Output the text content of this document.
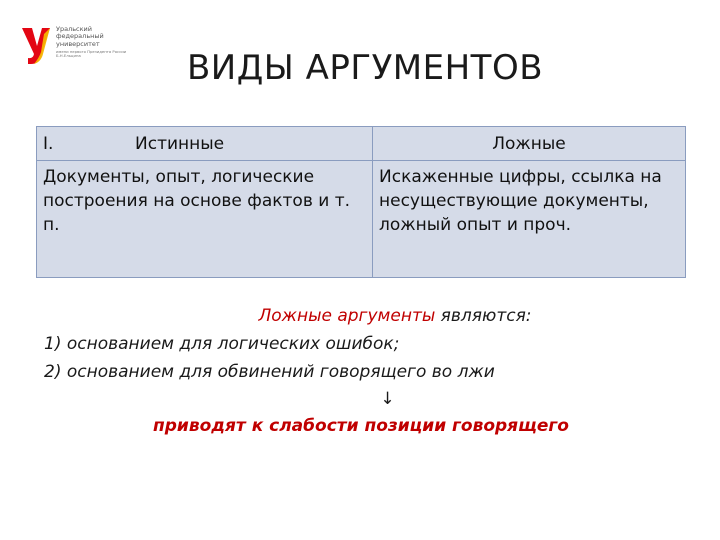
Уральский
федеральный
университет
имени первого Президента России Б.Н.Ельцина	ВИДЫ АРГУМЕНТОВ
I. Истинные	Ложные
Документы, опыт, логические построения на основе фактов и т. п.	Искаженные цифры, ссылка на несуществующие документы, ложный опыт и проч.
Ложные аргументы являются:
1) основанием для логических ошибок;
2) основанием для обвинений говорящего во лжи
↓
приводят к слабости позиции говорящего
